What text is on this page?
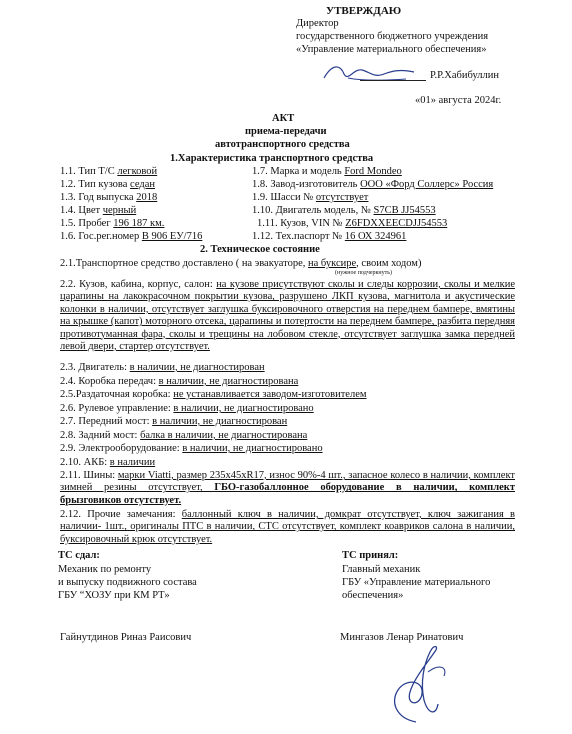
УТВЕРЖДАЮ
Директор
государственного бюджетного учреждения
«Управление материального обеспечения»
Р.Р.Хабибуллин
«01» августа 2024г.
АКТ
приема-передачи
автотранспортного средства
1.Характеристика транспортного средства
1.1. Тип Т/С легковой
1.2. Тип кузова седан
1.3. Год выпуска 2018
1.4. Цвет черный
1.5. Пробег 196 187 км.
1.6. Гос.рег.номер В 906 ЕУ/716
1.7. Марка и модель Ford Mondeo
1.8. Завод-изготовитель ООО «Форд Соллерс» Россия
1.9. Шасси № отсутствует
1.10. Двигатель модель, № S7CB JJ54553
1.11. Кузов, VIN № Z6FDXXEECDJJ54553
1.12. Тех.паспорт № 16 ОХ 324961
2. Техническое состояние
2.1.Транспортное средство доставлено ( на эвакуаторе, на буксире, своим ходом)
(нужное подчеркнуть)
2.2. Кузов, кабина, корпус, салон: на кузове присутствуют сколы и следы коррозии, сколы и мелкие царапины на лакокрасочном покрытии кузова, разрушено ЛКП кузова, магнитола и акустические колонки в наличии, отсутствует заглушка буксировочного отверстия на переднем бампере, вмятины на крышке (капот) моторного отсека, царапины и потертости на переднем бампере, разбита передняя противотуманная фара, сколы и трещины на лобовом стекле, отсутствует заглушка замка передней левой двери, стартер отсутствует.
2.3. Двигатель: в наличии, не диагностирован
2.4. Коробка передач: в наличии, не диагностирована
2.5.Раздаточная коробка: не устанавливается заводом-изготовителем
2.6. Рулевое управление: в наличии, не диагностировано
2.7. Передний мост: в наличии, не диагностирован
2.8. Задний мост: балка в наличии, не диагностирована
2.9. Электрооборудование: в наличии, не диагностировано
2.10. АКБ: в наличии
2.11. Шины: марки Viatti, размер 235х45хR17, износ 90%-4 шт., запасное колесо в наличии, комплект зимней резины отсутствует, ГБО-газобаллонное оборудование в наличии, комплект брызговиков отсутствует.
2.12. Прочие замечания: баллонный ключ в наличии, домкрат отсутствует, ключ зажигания в наличии- 1шт., оригиналы ПТС в наличии, СТС отсутствует, комплект коавриков салона в наличии, буксировочный крюк отсутствует.
ТС сдал:
Механик по ремонту
и выпуску подвижного состава
ГБУ “ХОЗУ при КМ РТ»
ТС принял:
Главный механик
ГБУ «Управление материального
обеспечения»
Гайнутдинов Риназ Раисович	Мингазов Ленар Ринатович
